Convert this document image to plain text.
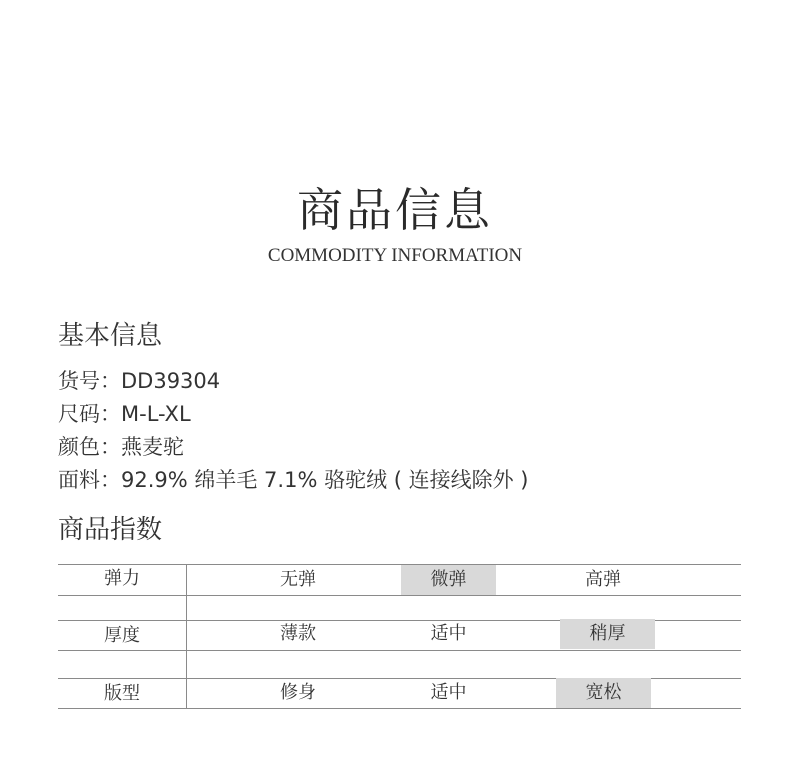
商品信息
COMMODITY INFORMATION
基本信息
货号：DD39304
尺码：M-L-XL
颜色：燕麦驼
面料：92.9% 绵羊毛 7.1% 骆驼绒 ( 连接线除外 )
商品指数
弹力	无弹	微弹	高弹
厚度	薄款	适中	稍厚
版型	修身	适中	宽松
